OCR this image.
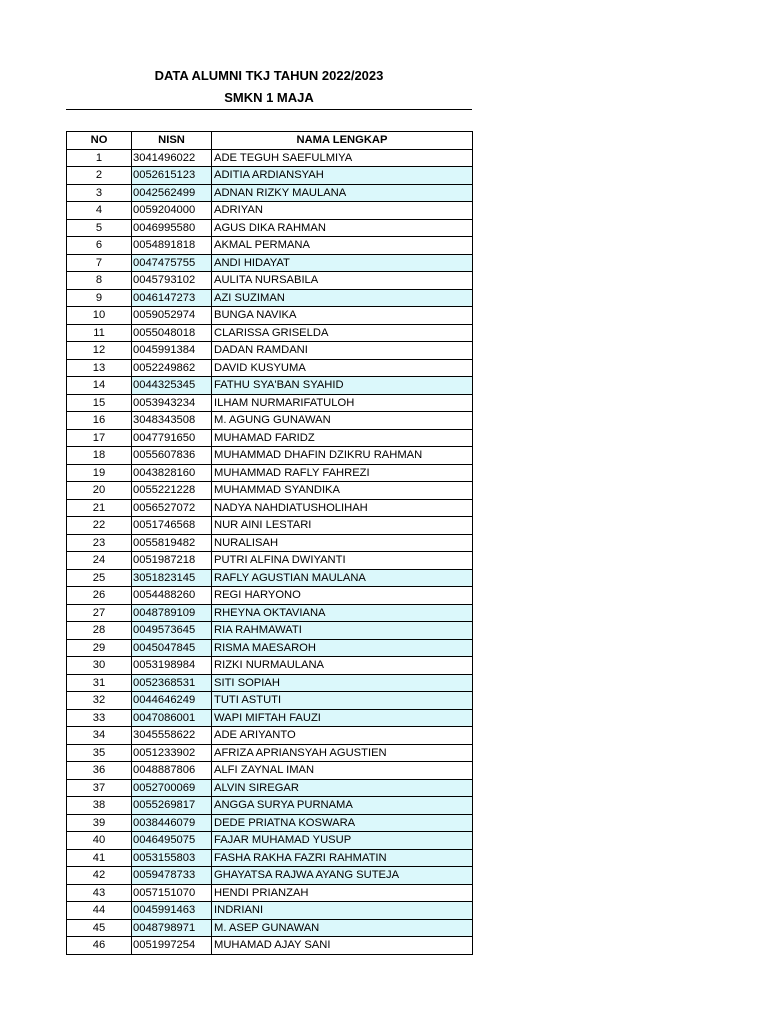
DATA ALUMNI TKJ TAHUN 2022/2023
SMKN 1 MAJA
NO	NISN	NAMA LENGKAP
1	3041496022	ADE TEGUH SAEFULMIYA
2	0052615123	ADITIA ARDIANSYAH
3	0042562499	ADNAN RIZKY MAULANA
4	0059204000	ADRIYAN
5	0046995580	AGUS DIKA RAHMAN
6	0054891818	AKMAL PERMANA
7	0047475755	ANDI HIDAYAT
8	0045793102	AULITA NURSABILA
9	0046147273	AZI SUZIMAN
10	0059052974	BUNGA NAVIKA
11	0055048018	CLARISSA GRISELDA
12	0045991384	DADAN RAMDANI
13	0052249862	DAVID KUSYUMA
14	0044325345	FATHU SYA'BAN SYAHID
15	0053943234	ILHAM NURMARIFATULOH
16	3048343508	M. AGUNG GUNAWAN
17	0047791650	MUHAMAD FARIDZ
18	0055607836	MUHAMMAD DHAFIN DZIKRU RAHMAN
19	0043828160	MUHAMMAD RAFLY FAHREZI
20	0055221228	MUHAMMAD SYANDIKA
21	0056527072	NADYA NAHDIATUSHOLIHAH
22	0051746568	NUR AINI LESTARI
23	0055819482	NURALISAH
24	0051987218	PUTRI ALFINA DWIYANTI
25	3051823145	RAFLY AGUSTIAN MAULANA
26	0054488260	REGI HARYONO
27	0048789109	RHEYNA OKTAVIANA
28	0049573645	RIA RAHMAWATI
29	0045047845	RISMA MAESAROH
30	0053198984	RIZKI NURMAULANA
31	0052368531	SITI SOPIAH
32	0044646249	TUTI ASTUTI
33	0047086001	WAPI MIFTAH FAUZI
34	3045558622	ADE ARIYANTO
35	0051233902	AFRIZA APRIANSYAH AGUSTIEN
36	0048887806	ALFI ZAYNAL IMAN
37	0052700069	ALVIN SIREGAR
38	0055269817	ANGGA SURYA PURNAMA
39	0038446079	DEDE PRIATNA KOSWARA
40	0046495075	FAJAR MUHAMAD YUSUP
41	0053155803	FASHA RAKHA FAZRI RAHMATIN
42	0059478733	GHAYATSA RAJWA AYANG SUTEJA
43	0057151070	HENDI PRIANZAH
44	0045991463	INDRIANI
45	0048798971	M. ASEP GUNAWAN
46	0051997254	MUHAMAD AJAY SANI
